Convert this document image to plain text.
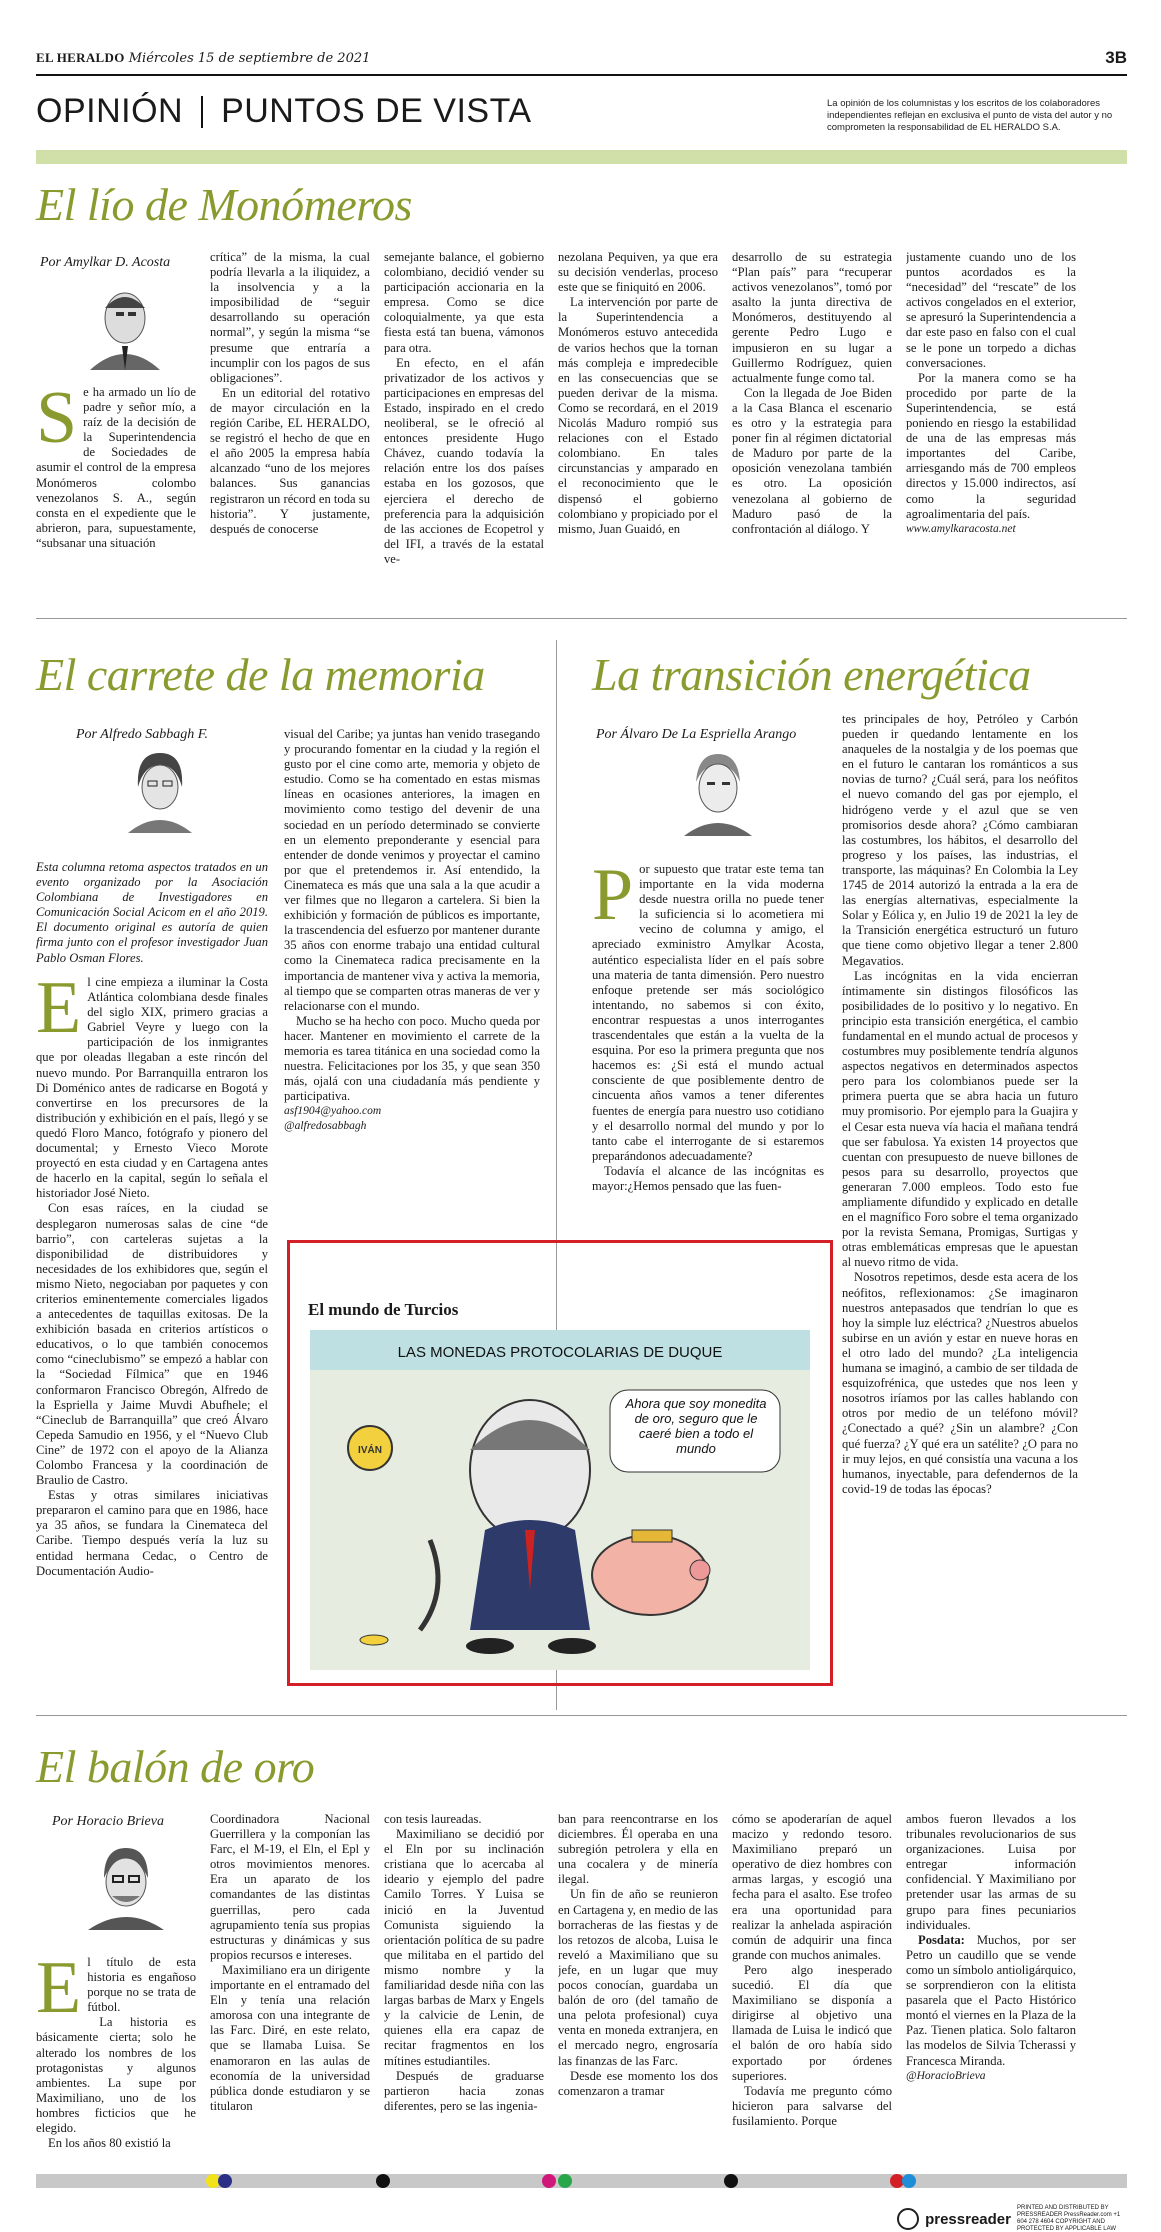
EL HERALDO Miércoles 15 de septiembre de 2021	3B
OPINIÓN PUNTOS DE VISTA	La opinión de los columnistas y los escritos de los colaboradores independientes reflejan en exclusiva el punto de vista del autor y no comprometen la responsabilidad de EL HERALDO S.A.
El lío de Monómeros
Por Amylkar D. Acosta
S e ha armado un lío de padre y señor mío, a raíz de la decisión de la Superintendencia de Sociedades de asumir el control de la empresa Monómeros colombo venezolanos S. A., según consta en el expediente que le abrieron, para, supuestamente, “subsanar una situación

crítica” de la misma, la cual podría llevarla a la iliquidez, a la insolvencia y a la imposibilidad de “seguir desarrollando su operación normal”, y según la misma “se presume que entraría a incumplir con los pagos de sus obligaciones”.

En un editorial del rotativo de mayor circulación en la región Caribe, EL HERALDO, se registró el hecho de que en el año 2005 la empresa había alcanzado “uno de los mejores balances. Sus ganancias registraron un récord en toda su historia”. Y justamente, después de conocerse

semejante balance, el gobierno colombiano, decidió vender su participación accionaria en la empresa. Como se dice coloquialmente, ya que esta fiesta está tan buena, vámonos para otra.

En efecto, en el afán privatizador de los activos y participaciones en empresas del Estado, inspirado en el credo neoliberal, se le ofreció al entonces presidente Hugo Chávez, cuando todavía la relación entre los dos países estaba en los gozosos, que ejerciera el derecho de preferencia para la adquisición de las acciones de Ecopetrol y del IFI, a través de la estatal ve-

nezolana Pequiven, ya que era su decisión venderlas, proceso este que se finiquitó en 2006.

La intervención por parte de la Superintendencia a Monómeros estuvo antecedida de varios hechos que la tornan más compleja e impredecible en las consecuencias que se pueden derivar de la misma. Como se recordará, en el 2019 Nicolás Maduro rompió sus relaciones con el Estado colombiano. En tales circunstancias y amparado en el reconocimiento que le dispensó el gobierno colombiano y propiciado por el mismo, Juan Guaidó, en

desarrollo de su estrategia “Plan país” para “recuperar activos venezolanos”, tomó por asalto la junta directiva de Monómeros, destituyendo al gerente Pedro Lugo e impusieron en su lugar a Guillermo Rodríguez, quien actualmente funge como tal.

Con la llegada de Joe Biden a la Casa Blanca el escenario es otro y la estrategia para poner fin al régimen dictatorial de Maduro por parte de la oposición venezolana también es otro. La oposición venezolana al gobierno de Maduro pasó de la confrontación al diálogo. Y

justamente cuando uno de los puntos acordados es la “necesidad” del “rescate” de los activos congelados en el exterior, se apresuró la Superintendencia a dar este paso en falso con el cual se le pone un torpedo a dichas conversaciones.

Por la manera como se ha procedido por parte de la Superintendencia, se está poniendo en riesgo la estabilidad de una de las empresas más importantes del Caribe, arriesgando más de 700 empleos directos y 15.000 indirectos, así como la seguridad agroalimentaria del país.

www.amylkaracosta.net

El carrete de la memoria
Por Alfredo Sabbagh F.
Esta columna retoma aspectos tratados en un evento organizado por la Asociación Colombiana de Investigadores en Comunicación Social Acicom en el año 2019. El documento original es autoría de quien firma junto con el profesor investigador Juan Pablo Osman Flores.

El cine empieza a iluminar la Costa Atlántica colombiana desde finales del siglo XIX, primero gracias a Gabriel Veyre y luego con la participación de los inmigrantes que por oleadas llegaban a este rincón del nuevo mundo. Por Barranquilla entraron los Di Doménico antes de radicarse en Bogotá y convertirse en los precursores de la distribución y exhibición en el país, llegó y se quedó Floro Manco, fotógrafo y pionero del documental; y Ernesto Vieco Morote proyectó en esta ciudad y en Cartagena antes de hacerlo en la capital, según lo señala el historiador José Nieto.

Con esas raíces, en la ciudad se desplegaron numerosas salas de cine “de barrio”, con carteleras sujetas a la disponibilidad de distribuidores y necesidades de los exhibidores que, según el mismo Nieto, negociaban por paquetes y con criterios eminentemente comerciales ligados a antecedentes de taquillas exitosas. De la exhibición basada en criterios artísticos o educativos, o lo que también conocemos como “cineclubismo” se empezó a hablar con la “Sociedad Fílmica” que en 1946 conformaron Francisco Obregón, Alfredo de la Espriella y Jaime Muvdi Abufhele; el “Cineclub de Barranquilla” que creó Álvaro Cepeda Samudio en 1956, y el “Nuevo Club Cine” de 1972 con el apoyo de la Alianza Colombo Francesa y la coordinación de Braulio de Castro.

Estas y otras similares iniciativas prepararon el camino para que en 1986, hace ya 35 años, se fundara la Cinemateca del Caribe. Tiempo después vería la luz su entidad hermana Cedac, o Centro de Documentación Audio-

visual del Caribe; ya juntas han venido trasegando y procurando fomentar en la ciudad y la región el gusto por el cine como arte, memoria y objeto de estudio. Como se ha comentado en estas mismas líneas en ocasiones anteriores, la imagen en movimiento como testigo del devenir de una sociedad en un período determinado se convierte en un elemento preponderante y esencial para entender de donde venimos y proyectar el camino por que el pretendemos ir. Así entendido, la Cinemateca es más que una sala a la que acudir a ver filmes que no llegaron a cartelera. Si bien la exhibición y formación de públicos es importante, la trascendencia del esfuerzo por mantener durante 35 años con enorme trabajo una entidad cultural como la Cinemateca radica precisamente en la importancia de mantener viva y activa la memoria, al tiempo que se comparten otras maneras de ver y relacionarse con el mundo.

Mucho se ha hecho con poco. Mucho queda por hacer. Mantener en movimiento el carrete de la memoria es tarea titánica en una sociedad como la nuestra. Felicitaciones por los 35, y que sean 350 más, ojalá con una ciudadanía más pendiente y participativa.

asf1904@yahoo.com

@alfredosabbagh

La transición energética
Por Álvaro De La Espriella Arango

Por supuesto que tratar este tema tan importante en la vida moderna desde nuestra orilla no puede tener la suficiencia si lo acometiera mi vecino de columna y amigo, el apreciado exministro Amylkar Acosta, auténtico especialista líder en el país sobre una materia de tanta dimensión. Pero nuestro enfoque pretende ser más sociológico intentando, no sabemos si con éxito, encontrar respuestas a unos interrogantes trascendentales que están a la vuelta de la esquina. Por eso la primera pregunta que nos hacemos es: ¿Si está el mundo actual consciente de que posiblemente dentro de cincuenta años vamos a tener diferentes fuentes de energía para nuestro uso cotidiano y el desarrollo normal del mundo y por lo tanto cabe el interrogante de si estaremos preparándonos adecuadamente?

Todavía el alcance de las incógnitas es mayor:¿Hemos pensado que las fuen-

tes principales de hoy, Petróleo y Carbón pueden ir quedando lentamente en los anaqueles de la nostalgia y de los poemas que en el futuro le cantaran los románticos a sus novias de turno? ¿Cuál será, para los neófitos el nuevo comando del gas por ejemplo, el hidrógeno verde y el azul que se ven promisorios desde ahora? ¿Cómo cambiaran las costumbres, los hábitos, el desarrollo del progreso y los países, las industrias, el transporte, las máquinas? En Colombia la Ley 1745 de 2014 autorizó la entrada a la era de las energías alternativas, especialmente la Solar y Eólica y, en Julio 19 de 2021 la ley de la Transición energética estructuró un futuro que tiene como objetivo llegar a tener 2.800 Megavatios.

Las incógnitas en la vida encierran íntimamente sin distingos filosóficos las posibilidades de lo positivo y lo negativo. En principio esta transición energética, el cambio fundamental en el mundo actual de procesos y costumbres muy posiblemente tendría algunos aspectos negativos en determinados aspectos pero para los colombianos puede ser la primera puerta que se abra hacia un futuro muy promisorio. Por ejemplo para la Guajira y el Cesar esta nueva vía hacia el mañana tendrá que ser fabulosa. Ya existen 14 proyectos que cuentan con presupuesto de nueve billones de pesos para su desarrollo, proyectos que generaran 7.000 empleos. Todo esto fue ampliamente difundido y explicado en detalle en el magnífico Foro sobre el tema organizado por la revista Semana, Promigas, Surtigas y otras emblemáticas empresas que le apuestan al nuevo ritmo de vida.

Nosotros repetimos, desde esta acera de los neófitos, reflexionamos: ¿Se imaginaron nuestros antepasados que tendrían lo que es hoy la simple luz eléctrica? ¿Nuestros abuelos subirse en un avión y estar en nueve horas en el otro lado del mundo? ¿La inteligencia humana se imaginó, a cambio de ser tildada de esquizofrénica, que ustedes que nos leen y nosotros iríamos por las calles hablando con otros por medio de un teléfono móvil? ¿Conectado a qué? ¿Sin un alambre? ¿Con qué fuerza? ¿Y qué era un satélite? ¿O para no ir muy lejos, en qué consistía una vacuna a los humanos, inyectable, para defendernos de la covid-19 de todas las épocas?

El mundo de Turcios
LAS MONEDAS PROTOCOLARIAS DE DUQUE
Ahora que soy monedita de oro, seguro que le caeré bien a todo el mundo
IVÁN
El balón de oro
Por Horacio Brieva

El título de esta historia es engañoso porque no se trata de fútbol.

La historia es básicamente cierta; solo he alterado los nombres de los protagonistas y algunos ambientes. La supe por Maximiliano, uno de los hombres ficticios que he elegido.

En los años 80 existió la

Coordinadora Nacional Guerrillera y la componían las Farc, el M-19, el Eln, el Epl y otros movimientos menores. Era un aparato de los comandantes de las distintas guerrillas, pero cada agrupamiento tenía sus propias estructuras y dinámicas y sus propios recursos e intereses.

Maximiliano era un dirigente importante en el entramado del Eln y tenía una relación amorosa con una integrante de las Farc. Diré, en este relato, que se llamaba Luisa. Se enamoraron en las aulas de economía de la universidad pública donde estudiaron y se titularon

con tesis laureadas.

Maximiliano se decidió por el Eln por su inclinación cristiana que lo acercaba al ideario y ejemplo del padre Camilo Torres. Y Luisa se inició en la Juventud Comunista siguiendo la orientación política de su padre que militaba en el partido del mismo nombre y la familiaridad desde niña con las largas barbas de Marx y Engels y la calvicie de Lenin, de quienes ella era capaz de recitar fragmentos en los mítines estudiantiles.

Después de graduarse partieron hacia zonas diferentes, pero se las ingenia-

ban para reencontrarse en los diciembres. Él operaba en una subregión petrolera y ella en una cocalera y de minería ilegal.

Un fin de año se reunieron en Cartagena y, en medio de las borracheras de las fiestas y de los retozos de alcoba, Luisa le reveló a Maximiliano que su jefe, en un lugar que muy pocos conocían, guardaba un balón de oro (del tamaño de una pelota profesional) cuya venta en moneda extranjera, en el mercado negro, engrosaría las finanzas de las Farc.

Desde ese momento los dos comenzaron a tramar

cómo se apoderarían de aquel macizo y redondo tesoro. Maximiliano preparó un operativo de diez hombres con armas largas, y escogió una fecha para el asalto. Ese trofeo era una oportunidad para realizar la anhelada aspiración común de adquirir una finca grande con muchos animales.

Pero algo inesperado sucedió. El día que Maximiliano se disponía a dirigirse al objetivo una llamada de Luisa le indicó que el balón de oro había sido exportado por órdenes superiores.

Todavía me pregunto cómo hicieron para salvarse del fusilamiento. Porque

ambos fueron llevados a los tribunales revolucionarios de sus organizaciones. Luisa por entregar información confidencial. Y Maximiliano por pretender usar las armas de su grupo para fines pecuniarios individuales.

Posdata: Muchos, por ser Petro un caudillo que se vende como un símbolo antioligárquico, se sorprendieron con la elitista pasarela que el Pacto Histórico montó el viernes en la Plaza de la Paz. Tienen platica. Solo faltaron las modelos de Silvia Tcherassi y Francesca Miranda.

@HoracioBrieva

pressreader
PRINTED AND DISTRIBUTED BY PRESSREADER PressReader.com +1 604 278 4604 COPYRIGHT AND PROTECTED BY APPLICABLE LAW
